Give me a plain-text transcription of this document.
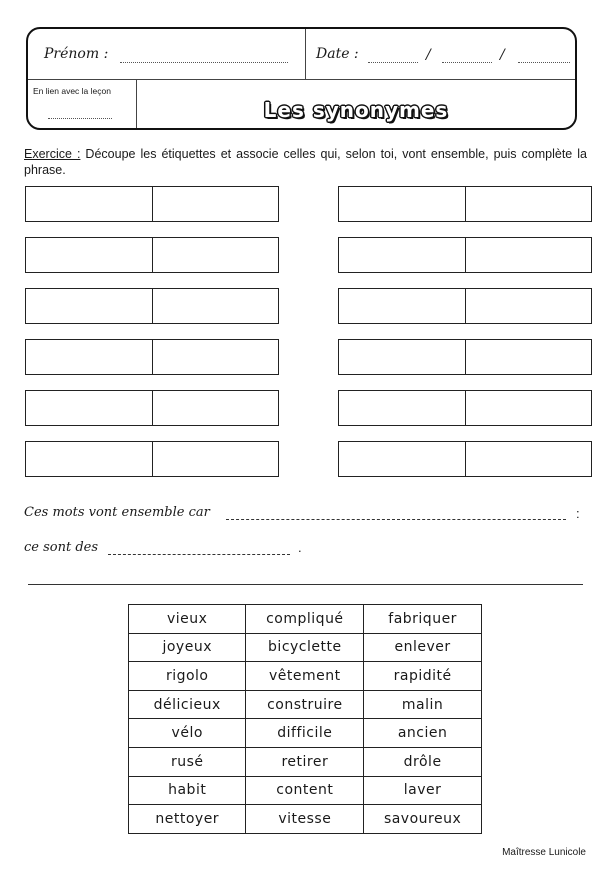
Prénom :	Date :	/	/
En lien avec la leçon
Les synonymes
Exercice : Découpe les étiquettes et associe celles qui, selon toi, vont ensemble, puis complète la phrase.
Ces mots vont ensemble car	:
ce sont des	.
vieux	compliqué	fabriquer
joyeux	bicyclette	enlever
rigolo	vêtement	rapidité
délicieux	construire	malin
vélo	difficile	ancien
rusé	retirer	drôle
habit	content	laver
nettoyer	vitesse	savoureux
Maîtresse Lunicole
